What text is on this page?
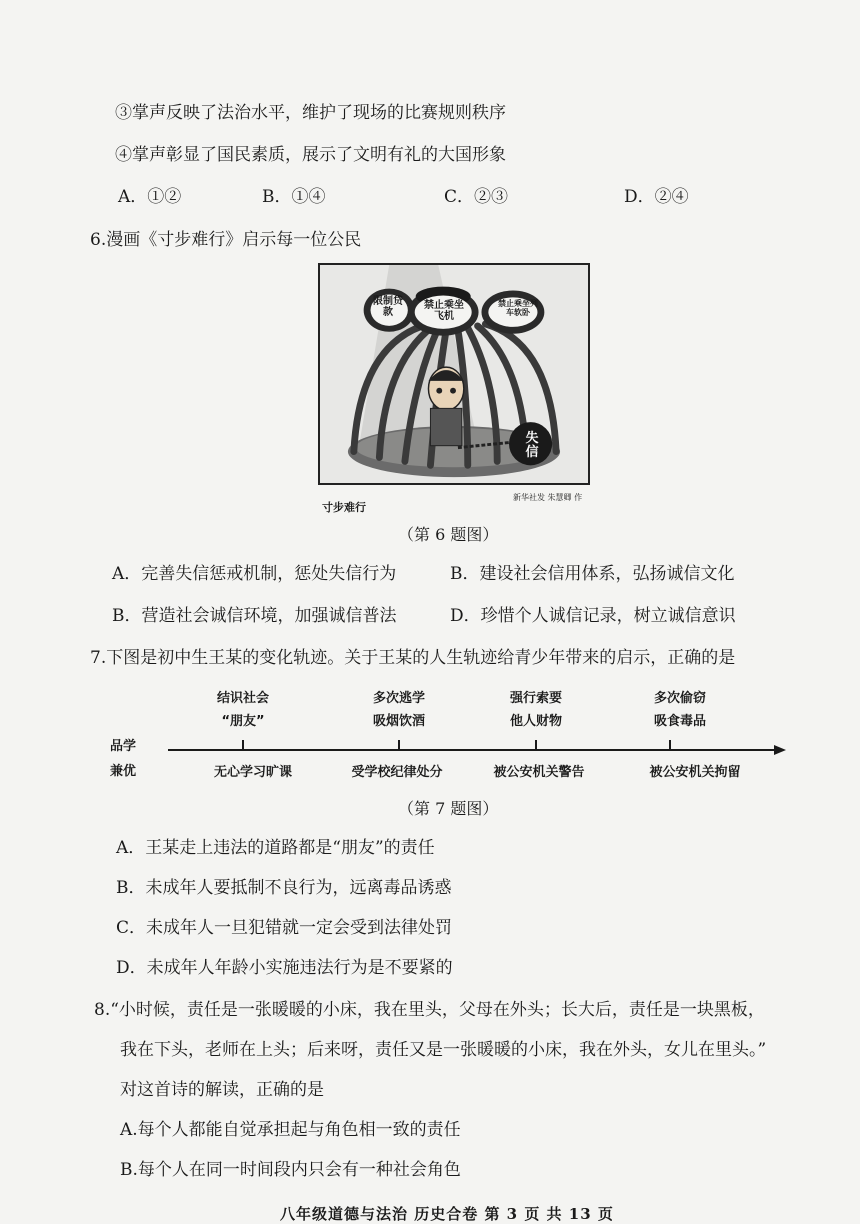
③掌声反映了法治水平，维护了现场的比赛规则秩序
④掌声彰显了国民素质，展示了文明有礼的大国形象
A．①②	B．①④	C．②③	D．②④
6.漫画《寸步难行》启示每一位公民
限制贷款
禁止乘坐飞机
禁止乘坐列车软卧
失信
新华社发 朱慧卿 作
寸步难行
（第 6 题图）
A．完善失信惩戒机制，惩处失信行为	B．建设社会信用体系，弘扬诚信文化
B．营造社会诚信环境，加强诚信普法	D．珍惜个人诚信记录，树立诚信意识
7.下图是初中生王某的变化轨迹。关于王某的人生轨迹给青少年带来的启示，正确的是
品学
兼优
结识社会
“朋友”
多次逃学
吸烟饮酒
强行索要
他人财物
多次偷窃
吸食毒品
无心学习旷课	受学校纪律处分	被公安机关警告	被公安机关拘留
（第 7 题图）
A．王某走上违法的道路都是“朋友”的责任
B．未成年人要抵制不良行为，远离毒品诱惑
C．未成年人一旦犯错就一定会受到法律处罚
D．未成年人年龄小实施违法行为是不要紧的
8.“小时候，责任是一张暖暖的小床，我在里头，父母在外头；长大后，责任是一块黑板，
我在下头，老师在上头；后来呀，责任又是一张暖暖的小床，我在外头，女儿在里头。”
对这首诗的解读，正确的是
A.每个人都能自觉承担起与角色相一致的责任
B.每个人在同一时间段内只会有一种社会角色
八年级道德与法治 历史合卷 第 3 页 共 13 页
